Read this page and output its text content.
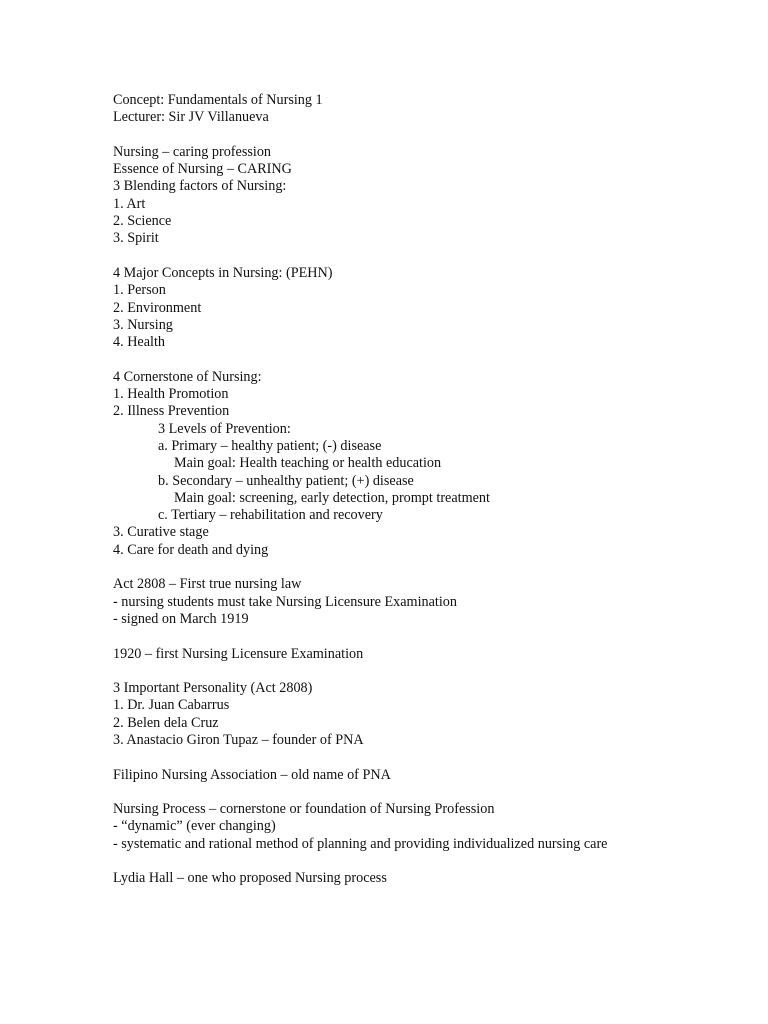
Concept: Fundamentals of Nursing 1
Lecturer: Sir JV Villanueva
Nursing – caring profession
Essence of Nursing – CARING
3 Blending factors of Nursing:
1. Art
2. Science
3. Spirit
4 Major Concepts in Nursing: (PEHN)
1. Person
2. Environment
3. Nursing
4. Health
4 Cornerstone of Nursing:
1. Health Promotion
2. Illness Prevention
3 Levels of Prevention:
a. Primary – healthy patient; (-) disease
Main goal: Health teaching or health education
b. Secondary – unhealthy patient; (+) disease
Main goal: screening, early detection, prompt treatment
c. Tertiary – rehabilitation and recovery
3. Curative stage
4. Care for death and dying
Act 2808 – First true nursing law
- nursing students must take Nursing Licensure Examination
- signed on March 1919
1920 – first Nursing Licensure Examination
3 Important Personality (Act 2808)
1. Dr. Juan Cabarrus
2. Belen dela Cruz
3. Anastacio Giron Tupaz – founder of PNA
Filipino Nursing Association – old name of PNA
Nursing Process – cornerstone or foundation of Nursing Profession
- “dynamic” (ever changing)
- systematic and rational method of planning and providing individualized nursing care
Lydia Hall – one who proposed Nursing process
